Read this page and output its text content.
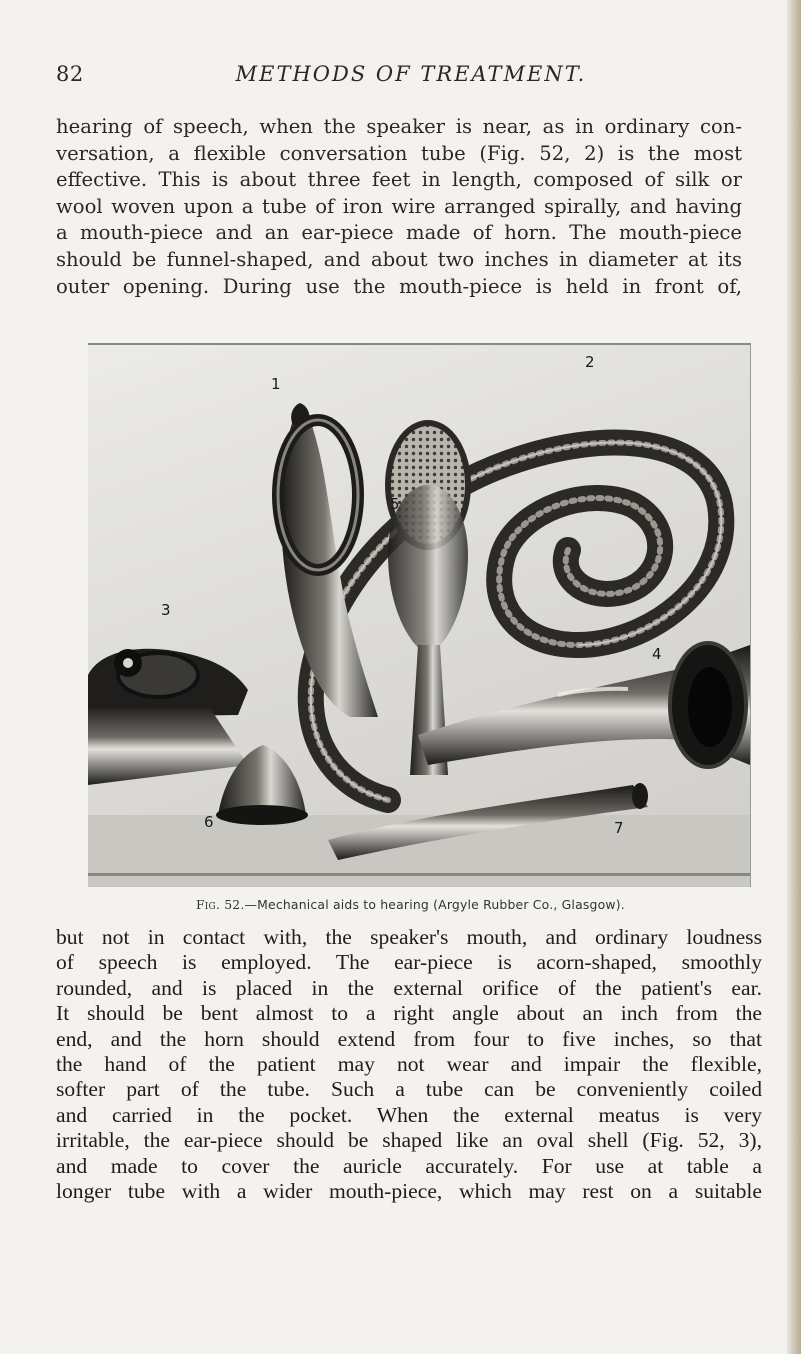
82	METHODS OF TREATMENT.
hearing of speech, when the speaker is near, as in ordinary con-
versation, a flexible conversation tube (Fig. 52, 2) is the most
effective. This is about three feet in length, composed of silk or
wool woven upon a tube of iron wire arranged spirally, and having
a mouth-piece and an ear-piece made of horn. The mouth-piece
should be funnel-shaped, and about two inches in diameter at its
outer opening. During use the mouth-piece is held in front of,
1
2
3
4
5
6	7
Fig. 52.—Mechanical aids to hearing (Argyle Rubber Co., Glasgow).
but not in contact with, the speaker's mouth, and ordinary loudness
of speech is employed. The ear-piece is acorn-shaped, smoothly
rounded, and is placed in the external orifice of the patient's ear.
It should be bent almost to a right angle about an inch from the
end, and the horn should extend from four to five inches, so that
the hand of the patient may not wear and impair the flexible,
softer part of the tube. Such a tube can be conveniently coiled
and carried in the pocket. When the external meatus is very
irritable, the ear-piece should be shaped like an oval shell (Fig. 52, 3),
and made to cover the auricle accurately. For use at table a
longer tube with a wider mouth-piece, which may rest on a suitable
